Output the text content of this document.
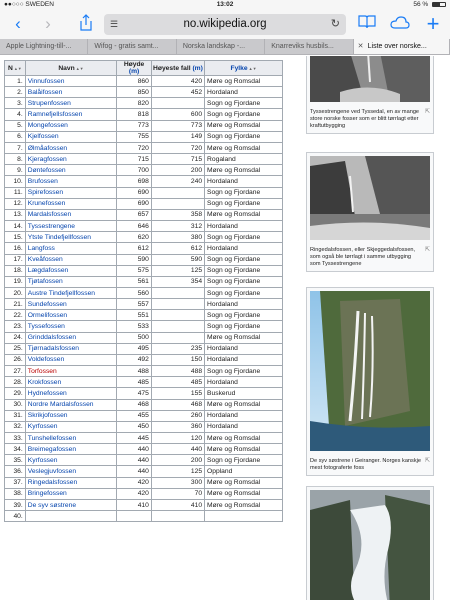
●●○○○ SWEDEN	13:02	56 %
‹	›	☰	no.wikipedia.org	↻	+
Apple Lightning-till-...	Wifog - gratis samt...	Norska landskap -...	Knarreviks husbils...	✕ Liste over norske...
N▲▼	Navn▲▼	Høyde (m)	Høyeste fall (m)	Fylke▲▼
1.	Vinnufossen	860	420	Møre og Romsdal
2.	Balåifossen	850	452	Hordaland
3.	Strupenfossen	820		Sogn og Fjordane
4.	Ramnefjellsfossen	818	600	Sogn og Fjordane
5.	Mongefossen	773	773	Møre og Romsdal
6.	Kjelfossen	755	149	Sogn og Fjordane
7.	Ølmåafossen	720	720	Møre og Romsdal
8.	Kjeragfossen	715	715	Rogaland
9.	Døntefossen	700	200	Møre og Romsdal
10.	Brufossen	698	240	Hordaland
11.	Spirefossen	690		Sogn og Fjordane
12.	Krunefossen	690		Sogn og Fjordane
13.	Mardalsfossen	657	358	Møre og Romsdal
14.	Tyssestrengene	646	312	Hordaland
15.	Ytste Tindefjellfossen	620	380	Sogn og Fjordane
16.	Langfoss	612	612	Hordaland
17.	Kveåfossen	590	590	Sogn og Fjordane
18.	Lægdafossen	575	125	Sogn og Fjordane
19.	Tjøtafossen	561	354	Sogn og Fjordane
20.	Austre Tindefjellfossen	560		Sogn og Fjordane
21.	Sundefossen	557		Hordaland
22.	Ormelifossen	551		Sogn og Fjordane
23.	Tyssefossen	533		Sogn og Fjordane
24.	Grinddalsfossen	500		Møre og Romsdal
25.	Tjørnadalsfossen	495	235	Hordaland
26.	Voldefossen	492	150	Hordaland
27.	Torfossen	488	488	Sogn og Fjordane
28.	Krokfossen	485	485	Hordaland
29.	Hydnefossen	475	155	Buskerud
30.	Nordre Mardalsfossen	468	468	Møre og Romsdal
31.	Skrikjofossen	455	260	Hordaland
32.	Kyrfossen	450	360	Hordaland
33.	Tunshellefossen	445	120	Møre og Romsdal
34.	Breimegafossen	440	440	Møre og Romsdal
35.	Kyrfossen	440	200	Sogn og Fjordane
36.	Veslegjuvfossen	440	125	Oppland
37.	Ringedalsfossen	420	300	Møre og Romsdal
38.	Bringefossen	420	70	Møre og Romsdal
39.	De syv søstrene	410	410	Møre og Romsdal
40.				
Tyssestrengene ved Tyssedal, en av mange store norske fosser som er blitt tørrlagt etter kraftutbygging
⇱
Ringedalsfossen, eller Skjeggedalsfossen, som også ble tørrlagt i samme utbygging som Tyssestrengene
⇱
De syv søstrene i Geiranger. Norges kanskje mest fotograferte foss
⇱
